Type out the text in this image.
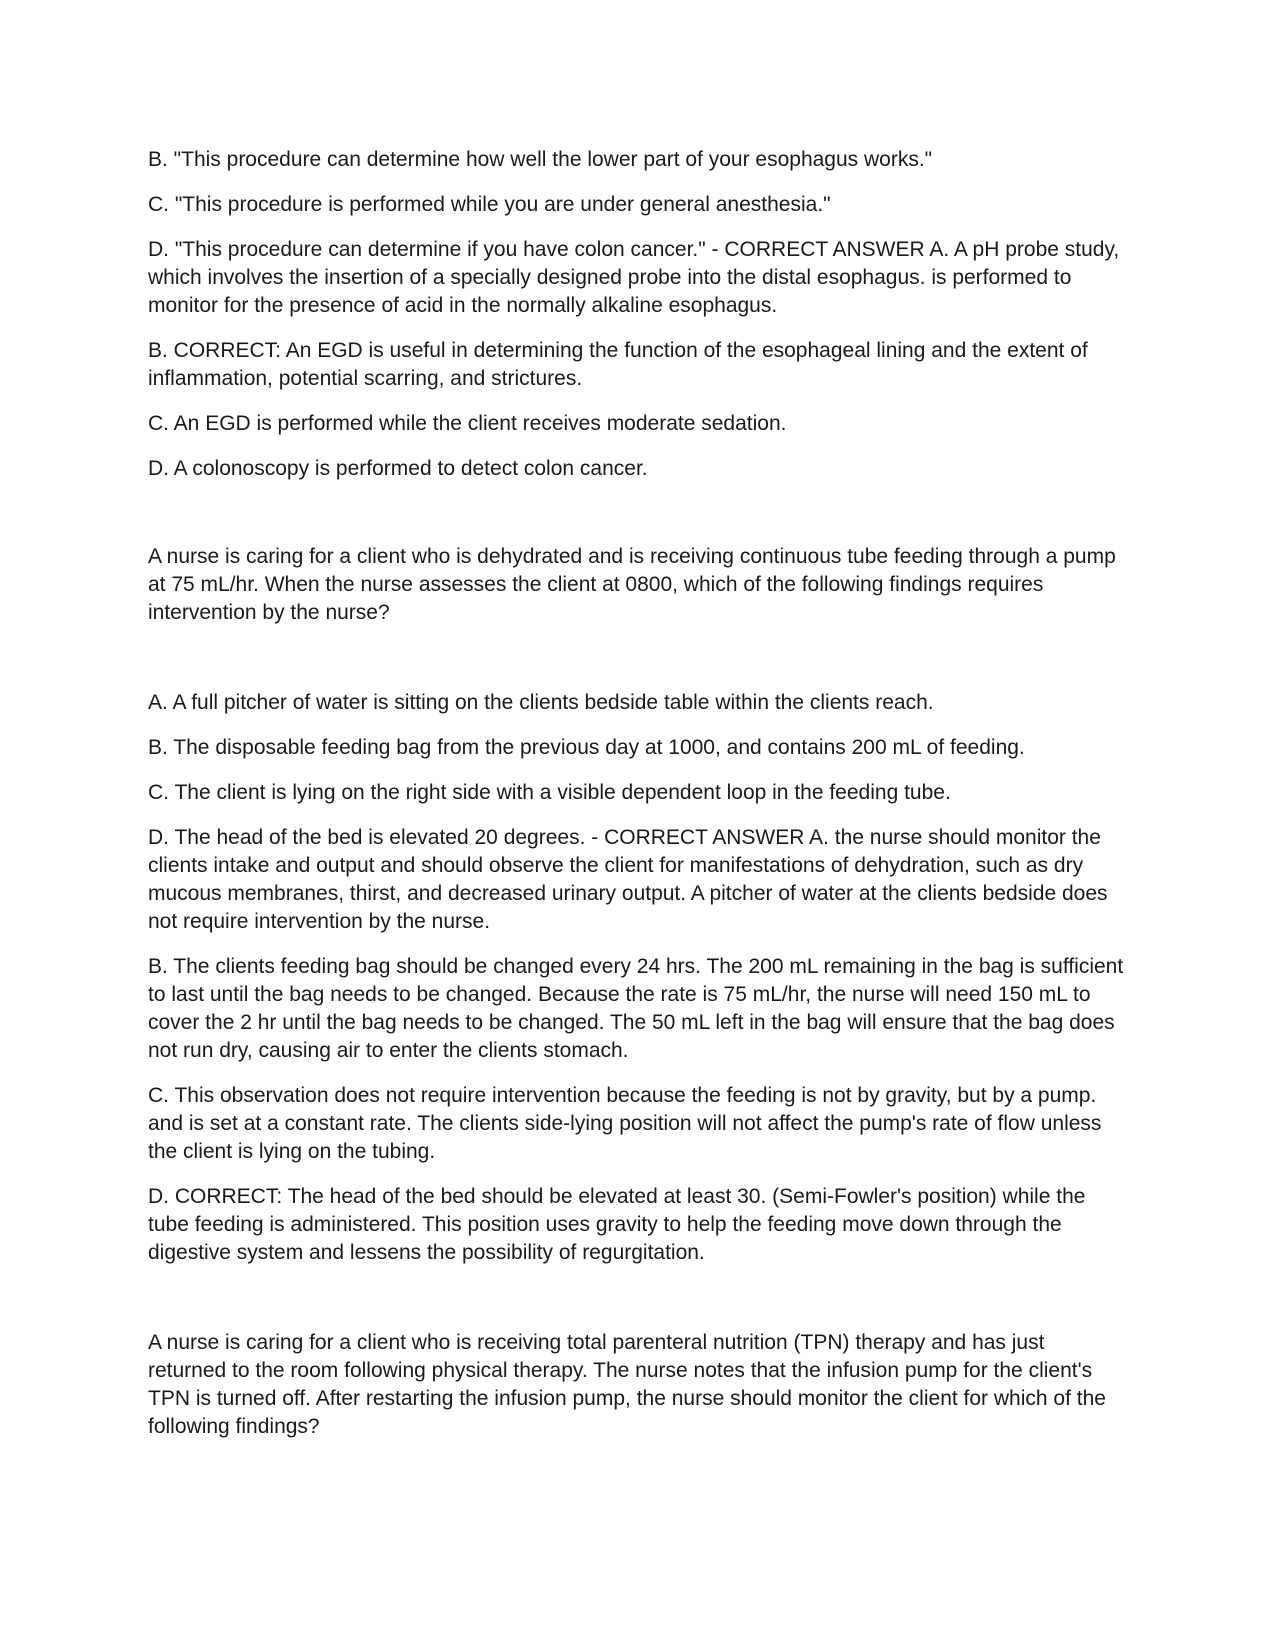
B. "This procedure can determine how well the lower part of your esophagus works."

C. "This procedure is performed while you are under general anesthesia."

D. "This procedure can determine if you have colon cancer." - CORRECT ANSWER A. A pH probe study, which involves the insertion of a specially designed probe into the distal esophagus. is performed to monitor for the presence of acid in the normally alkaline esophagus.

B. CORRECT: An EGD is useful in determining the function of the esophageal lining and the extent of inflammation, potential scarring, and strictures.

C. An EGD is performed while the client receives moderate sedation.

D. A colonoscopy is performed to detect colon cancer.

A nurse is caring for a client who is dehydrated and is receiving continuous tube feeding through a pump at 75 mL/hr. When the nurse assesses the client at 0800, which of the following findings requires intervention by the nurse?

A. A full pitcher of water is sitting on the clients bedside table within the clients reach.

B. The disposable feeding bag from the previous day at 1000, and contains 200 mL of feeding.

C. The client is lying on the right side with a visible dependent loop in the feeding tube.

D. The head of the bed is elevated 20 degrees. - CORRECT ANSWER A. the nurse should monitor the clients intake and output and should observe the client for manifestations of dehydration, such as dry mucous membranes, thirst, and decreased urinary output. A pitcher of water at the clients bedside does not require intervention by the nurse.

B. The clients feeding bag should be changed every 24 hrs. The 200 mL remaining in the bag is sufficient to last until the bag needs to be changed. Because the rate is 75 mL/hr, the nurse will need 150 mL to cover the 2 hr until the bag needs to be changed. The 50 mL left in the bag will ensure that the bag does not run dry, causing air to enter the clients stomach.

C. This observation does not require intervention because the feeding is not by gravity, but by a pump. and is set at a constant rate. The clients side-lying position will not affect the pump's rate of flow unless the client is lying on the tubing.

D. CORRECT: The head of the bed should be elevated at least 30. (Semi-Fowler's position) while the tube feeding is administered. This position uses gravity to help the feeding move down through the digestive system and lessens the possibility of regurgitation.

A nurse is caring for a client who is receiving total parenteral nutrition (TPN) therapy and has just returned to the room following physical therapy. The nurse notes that the infusion pump for the client's TPN is turned off. After restarting the infusion pump, the nurse should monitor the client for which of the following findings?
